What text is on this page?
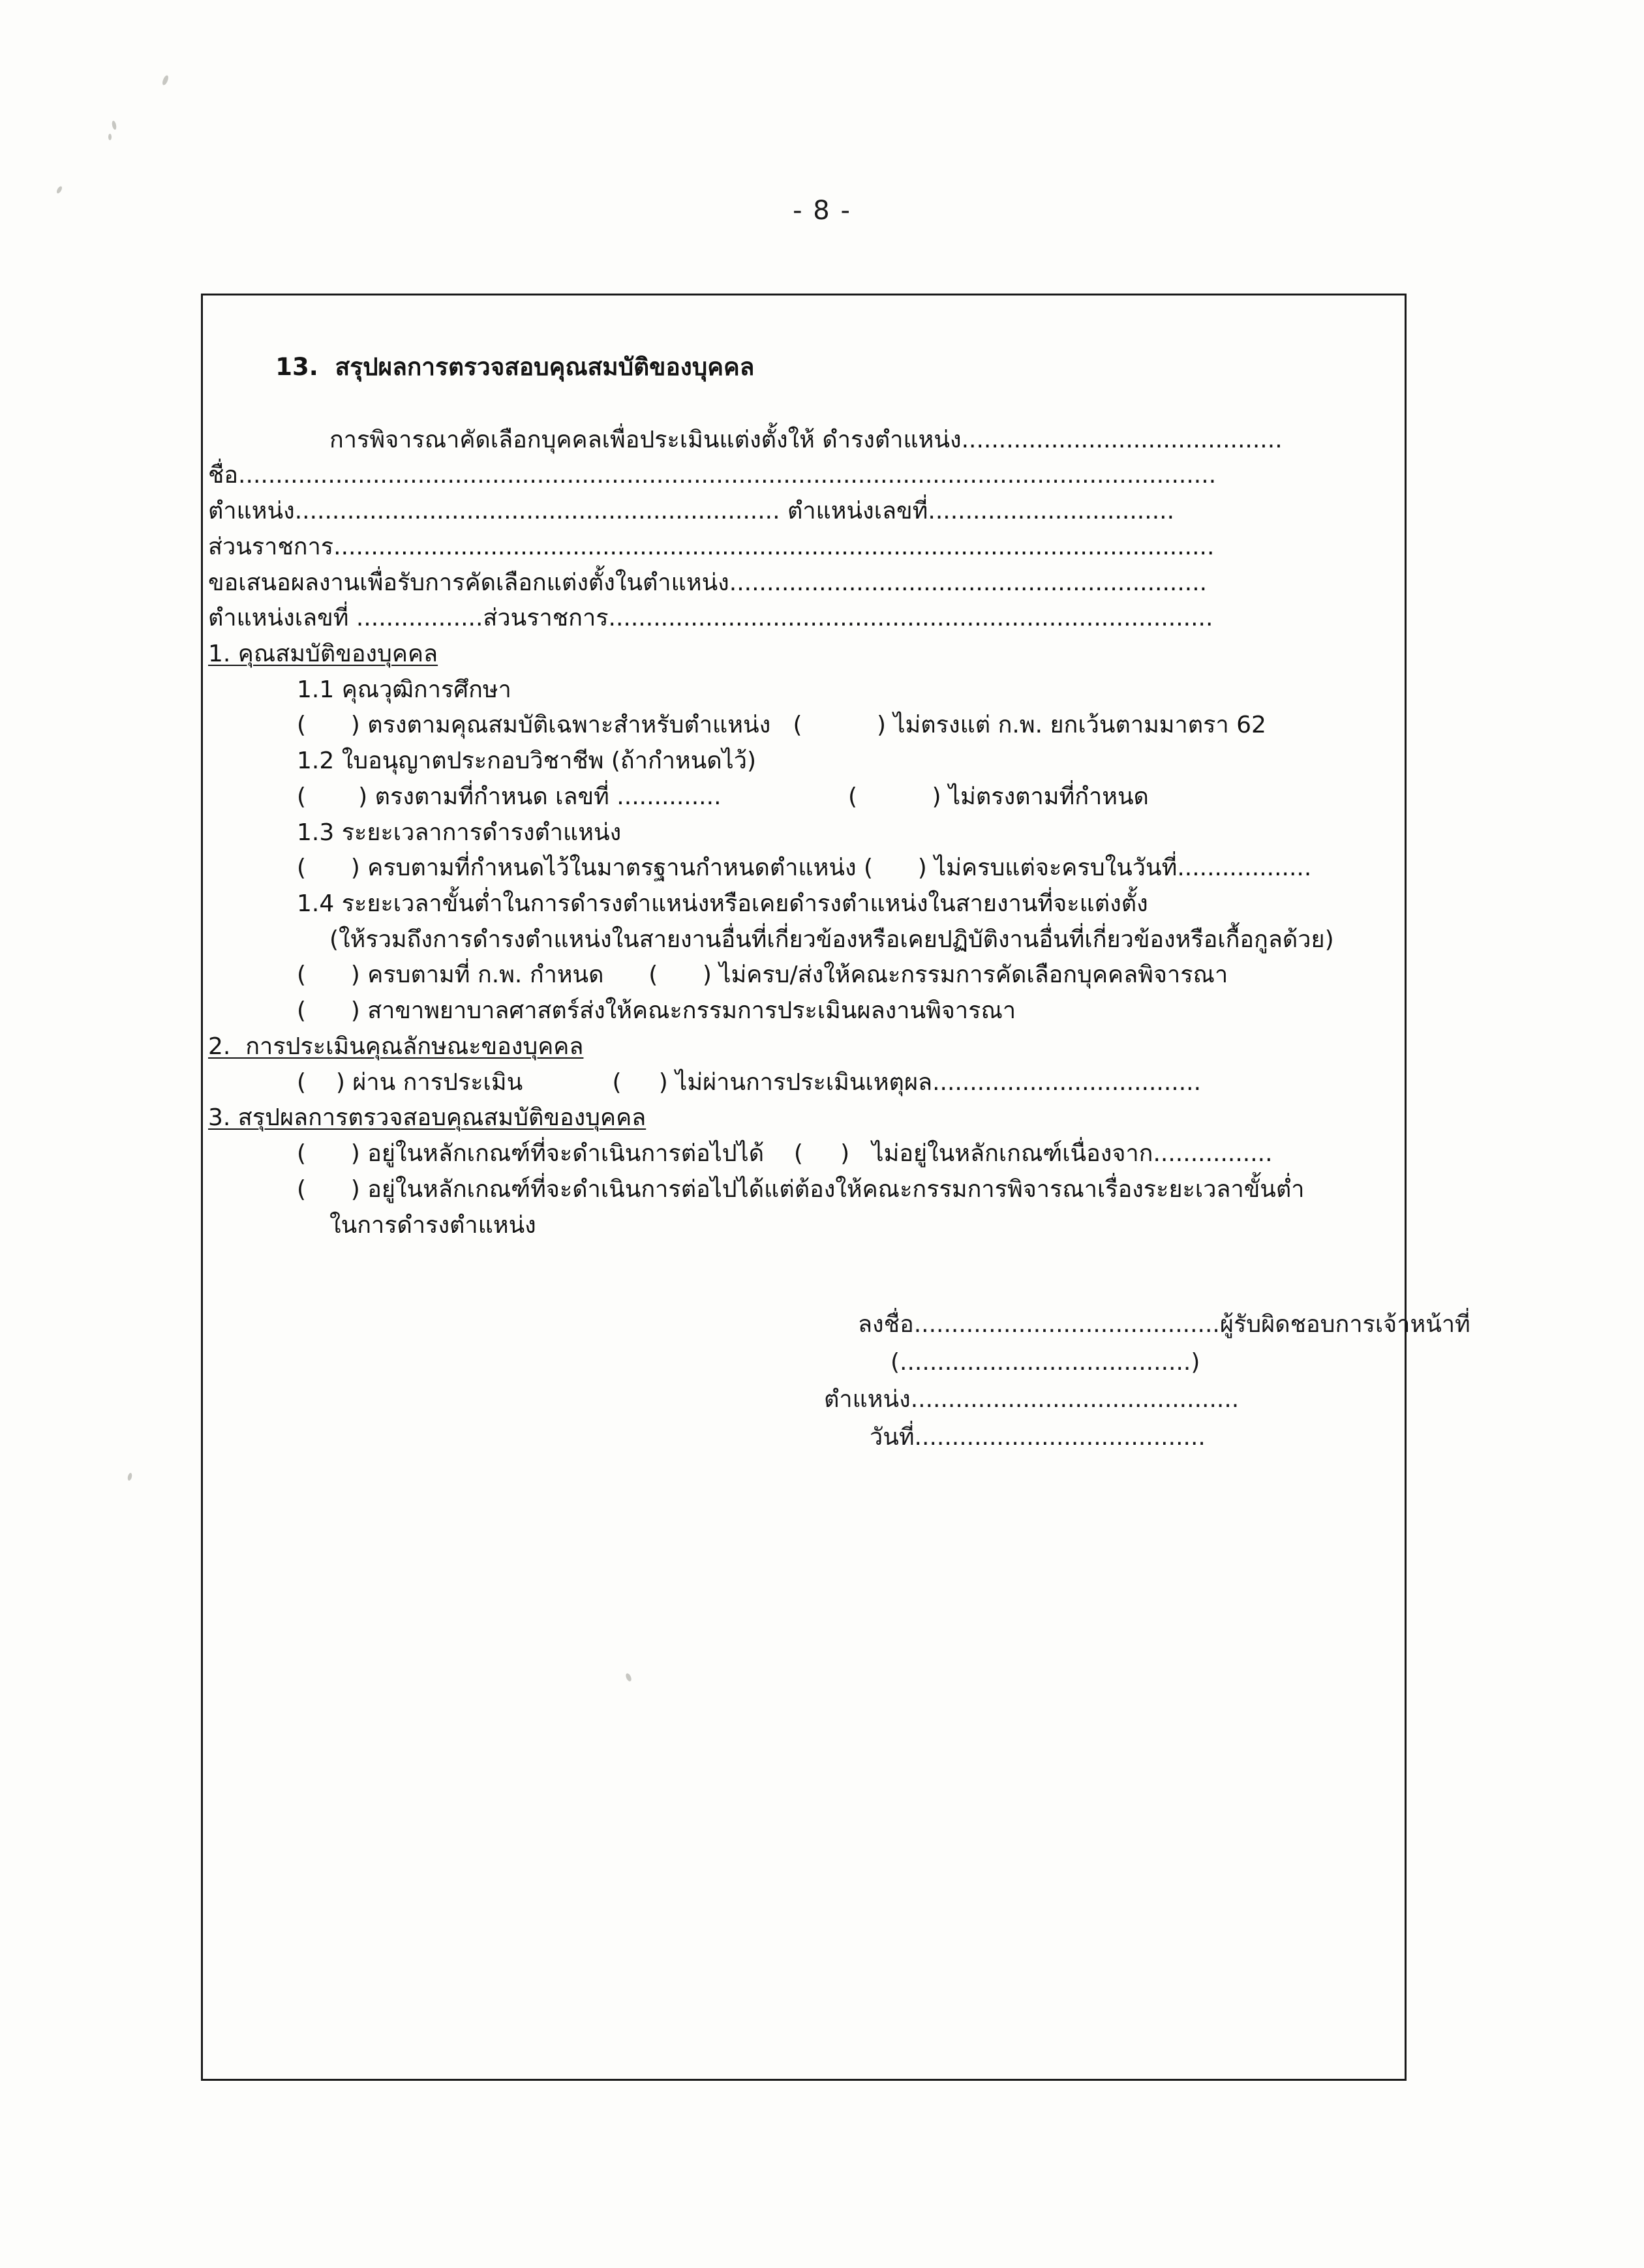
- 8 -

13. สรุปผลการตรวจสอบคุณสมบัติของบุคคล

การพิจารณาคัดเลือกบุคคลเพื่อประเมินแต่งตั้งให้ ดำรงตำแหน่ง...........................................
ชื่อ...................................................................................................................................
ตำแหน่ง................................................................. ตำแหน่งเลขที่.................................
ส่วนราชการ......................................................................................................................
ขอเสนอผลงานเพื่อรับการคัดเลือกแต่งตั้งในตำแหน่ง................................................................
ตำแหน่งเลขที่ .................ส่วนราชการ.................................................................................
1. คุณสมบัติของบุคคล
1.1 คุณวุฒิการศึกษา
(      ) ตรงตามคุณสมบัติเฉพาะสำหรับตำแหน่ง   (          ) ไม่ตรงแต่ ก.พ. ยกเว้นตามมาตรา 62
1.2 ใบอนุญาตประกอบวิชาชีพ (ถ้ากำหนดไว้)
(       ) ตรงตามที่กำหนด เลขที่ ..............                 (          ) ไม่ตรงตามที่กำหนด
1.3 ระยะเวลาการดำรงตำแหน่ง
(      ) ครบตามที่กำหนดไว้ในมาตรฐานกำหนดตำแหน่ง (      ) ไม่ครบแต่จะครบในวันที่..................
1.4 ระยะเวลาขั้นต่ำในการดำรงตำแหน่งหรือเคยดำรงตำแหน่งในสายงานที่จะแต่งตั้ง
(ให้รวมถึงการดำรงตำแหน่งในสายงานอื่นที่เกี่ยวข้องหรือเคยปฏิบัติงานอื่นที่เกี่ยวข้องหรือเกื้อกูลด้วย)
(      ) ครบตามที่ ก.พ. กำหนด      (      ) ไม่ครบ/ส่งให้คณะกรรมการคัดเลือกบุคคลพิจารณา
(      ) สาขาพยาบาลศาสตร์ส่งให้คณะกรรมการประเมินผลงานพิจารณา
2.  การประเมินคุณลักษณะของบุคคล
(    ) ผ่าน การประเมิน            (     ) ไม่ผ่านการประเมินเหตุผล....................................
3. สรุปผลการตรวจสอบคุณสมบัติของบุคคล
(      ) อยู่ในหลักเกณฑ์ที่จะดำเนินการต่อไปได้    (     )   ไม่อยู่ในหลักเกณฑ์เนื่องจาก................
(      ) อยู่ในหลักเกณฑ์ที่จะดำเนินการต่อไปได้แต่ต้องให้คณะกรรมการพิจารณาเรื่องระยะเวลาขั้นต่ำ
ในการดำรงตำแหน่ง
ลงชื่อ.........................................ผู้รับผิดชอบการเจ้าหน้าที่
(.......................................)
ตำแหน่ง............................................
วันที่.......................................
